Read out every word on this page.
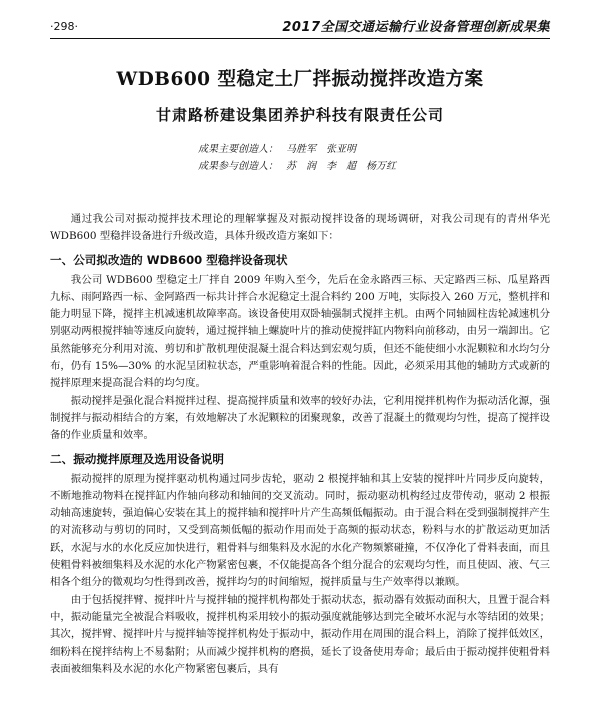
·298·	2017全国交通运输行业设备管理创新成果集
WDB600 型稳定土厂拌振动搅拌改造方案
甘肃路桥建设集团养护科技有限责任公司
成果主要创造人： 马胜军　张亚明
成果参与创造人： 苏　润　李　超　杨万红

通过我公司对振动搅拌技术理论的理解掌握及对振动搅拌设备的现场调研，对我公司现有的青州华光 WDB600 型稳拌设备进行升级改造，具体升级改造方案如下：

一、公司拟改造的 WDB600 型稳拌设备现状

我公司 WDB600 型稳定土厂拌自 2009 年购入至今，先后在金永路西三标、天定路西三标、瓜星路西九标、雨阿路西一标、金阿路西一标共计拌合水泥稳定土混合料约 200 万吨，实际投入 260 万元，整机拌和能力明显下降，搅拌主机减速机故障率高。该设备使用双卧轴强制式搅拌主机。由两个同轴圆柱齿轮减速机分别驱动两根搅拌轴等速反向旋转，通过搅拌轴上螺旋叶片的推动使搅拌缸内物料向前移动，由另一端卸出。它虽然能够充分利用对流、剪切和扩散机理使混凝土混合料达到宏观匀质，但还不能使细小水泥颗粒和水均匀分布，仍有 15%—30% 的水泥呈团粒状态，严重影响着混合料的性能。因此，必须采用其他的辅助方式或新的搅拌原理来提高混合料的均匀度。

振动搅拌是强化混合料搅拌过程、提高搅拌质量和效率的较好办法，它利用搅拌机构作为振动活化源，强制搅拌与振动相结合的方案，有效地解决了水泥颗粒的团聚现象，改善了混凝土的微观均匀性，提高了搅拌设备的作业质量和效率。

二、振动搅拌原理及选用设备说明

振动搅拌的原理为搅拌驱动机构通过同步齿轮，驱动 2 根搅拌轴和其上安装的搅拌叶片同步反向旋转，不断地推动物料在搅拌缸内作轴向移动和轴间的交叉流动。同时，振动驱动机构经过皮带传动，驱动 2 根振动轴高速旋转，强迫偏心安装在其上的搅拌轴和搅拌叶片产生高频低幅振动。由于混合料在受到强制搅拌产生的对流移动与剪切的同时，又受到高频低幅的振动作用而处于高频的振动状态，粉料与水的扩散运动更加活跃，水泥与水的水化反应加快进行，粗骨料与细集料及水泥的水化产物频繁碰撞，不仅净化了骨料表面，而且使粗骨料被细集料及水泥的水化产物紧密包裹，不仅能提高各个组分混合的宏观均匀性，而且使固、液、气三相各个组分的微观均匀性得到改善，搅拌均匀的时间缩短，搅拌质量与生产效率得以兼顾。

由于包括搅拌臂、搅拌叶片与搅拌轴的搅拌机构都处于振动状态，振动器有效振动面积大，且置于混合料中，振动能量完全被混合料吸收，搅拌机构采用较小的振动强度就能够达到完全破坏水泥与水等结团的效果；其次，搅拌臂、搅拌叶片与搅拌轴等搅拌机构处于振动中，振动作用在周围的混合料上，消除了搅拌低效区，细粉料在搅拌结构上不易黏附；从而减少搅拌机构的磨损，延长了设备使用寿命；最后由于振动搅拌使粗骨料表面被细集料及水泥的水化产物紧密包裹后，具有
